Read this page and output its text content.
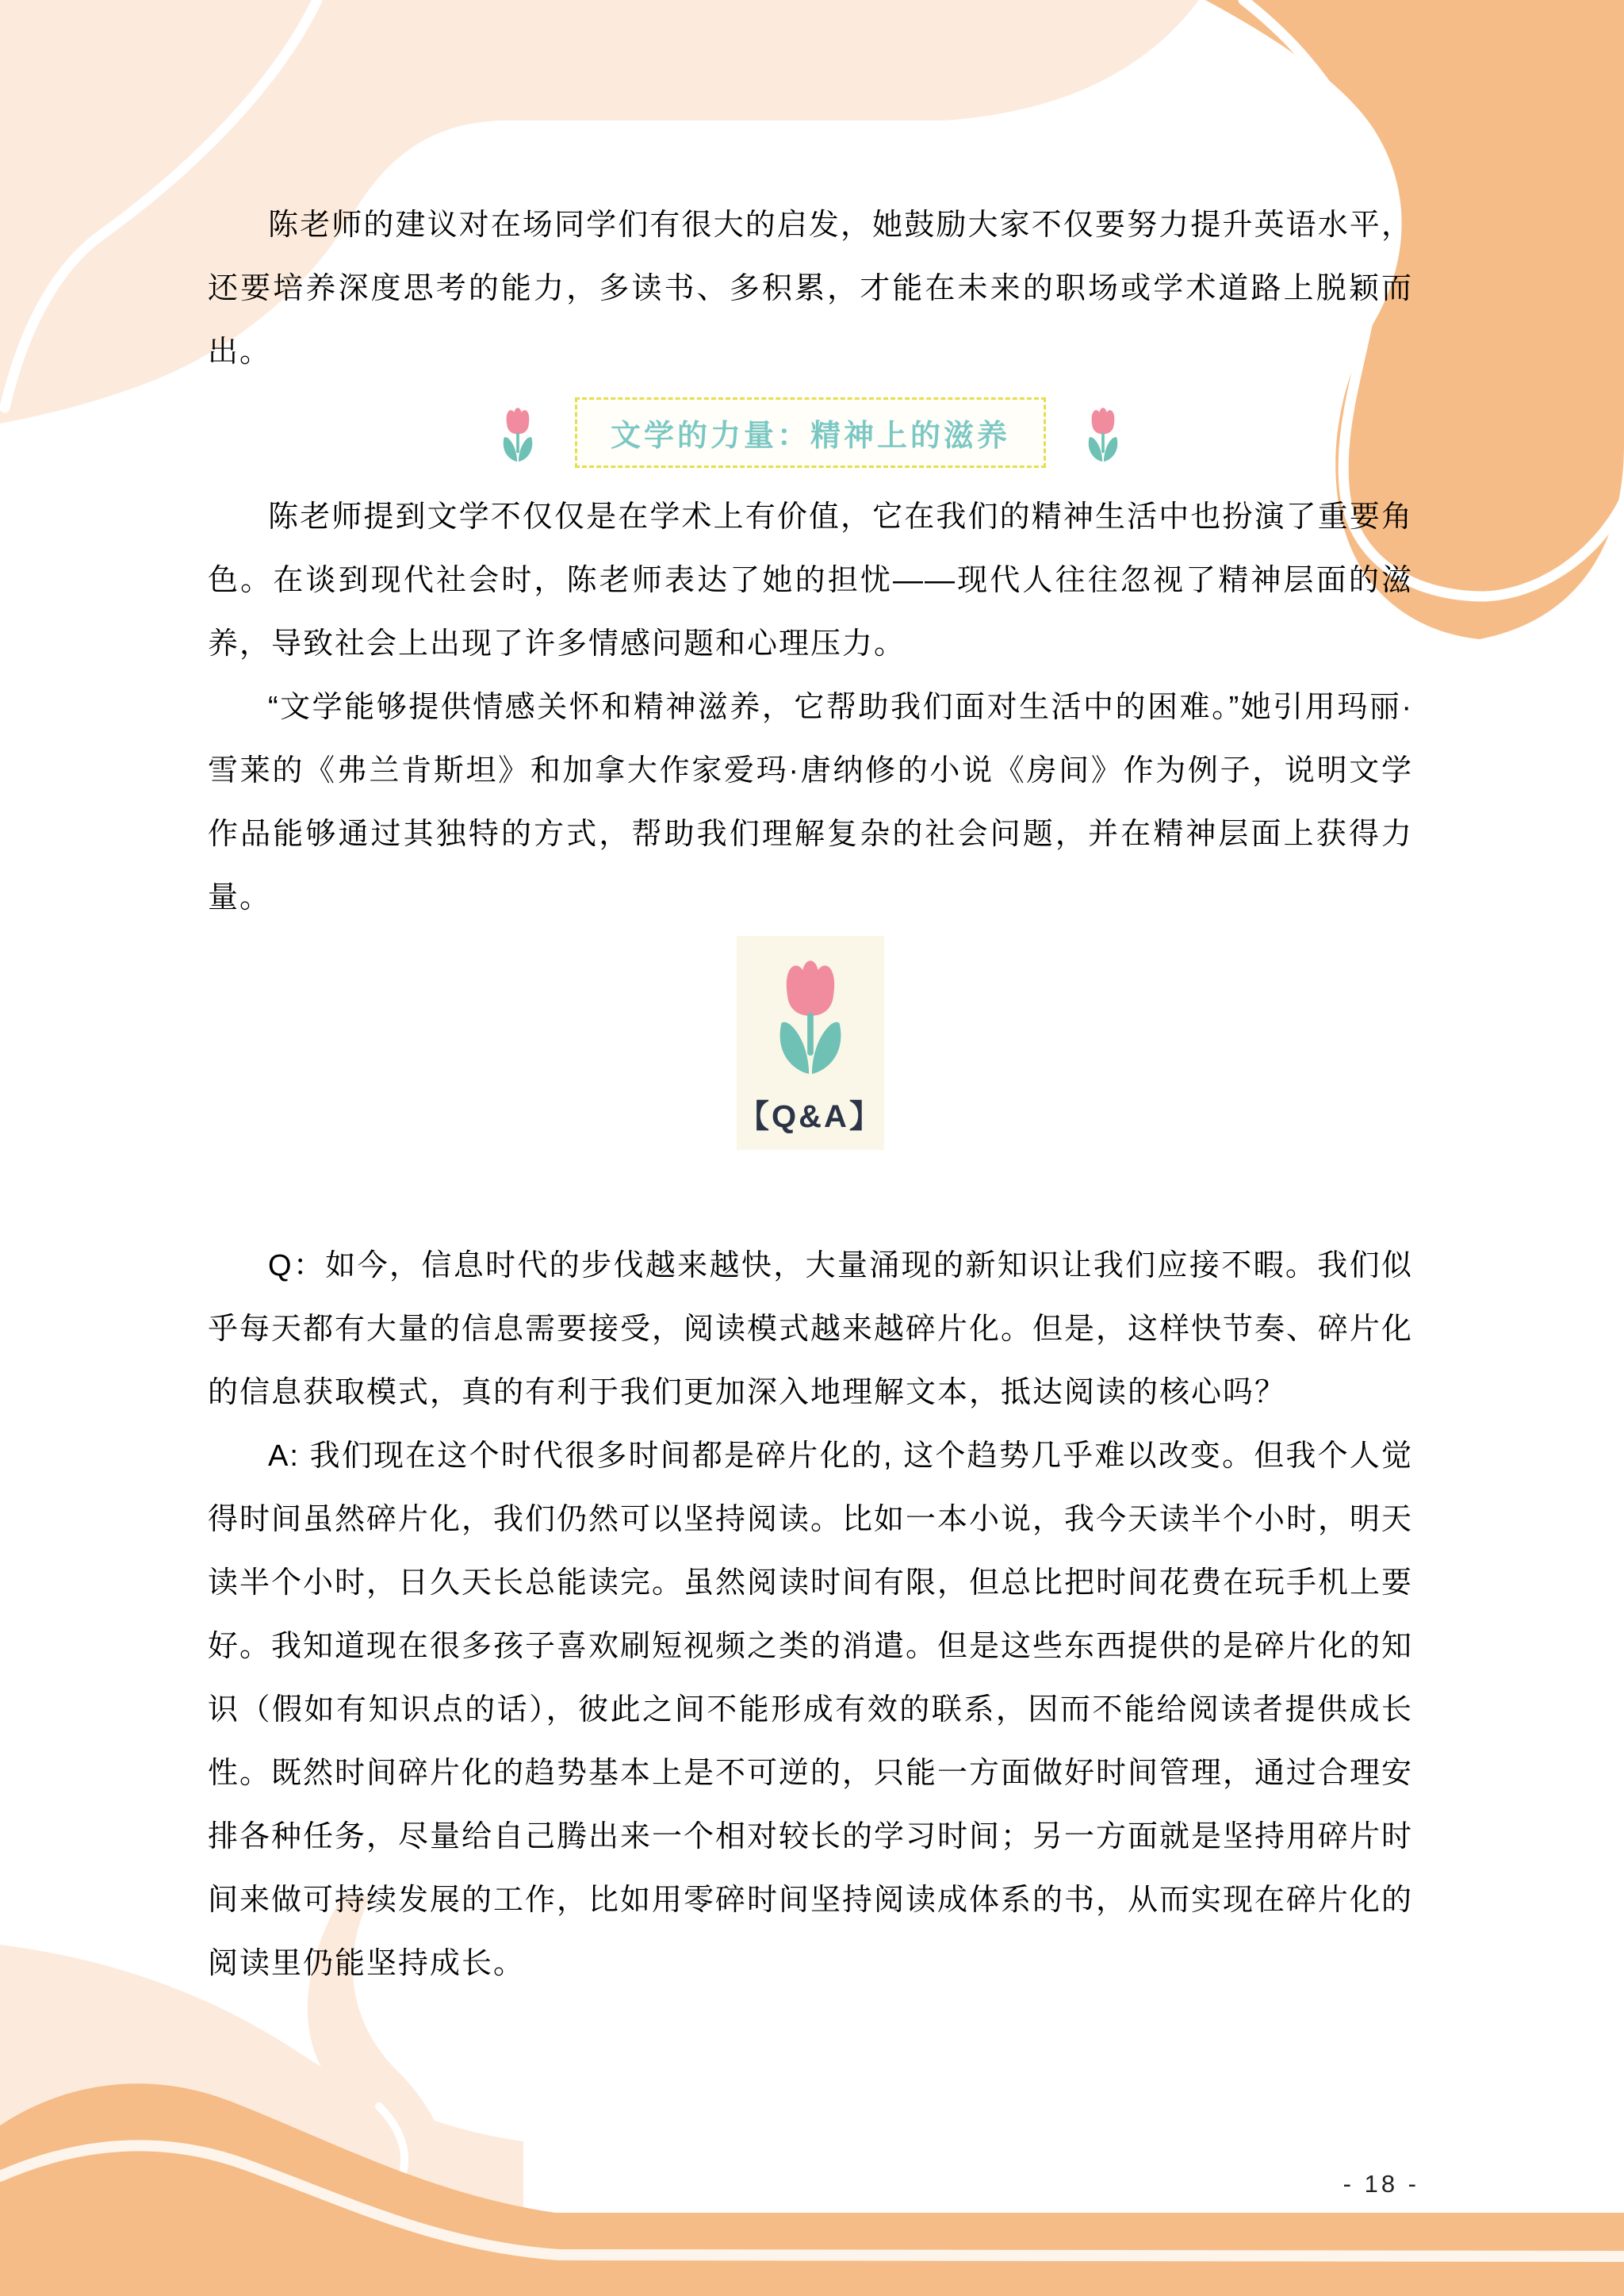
陈老师的建议对在场同学们有很大的启发，她鼓励大家不仅要努力提升英语水平，还要培养深度思考的能力，多读书、多积累，才能在未来的职场或学术道路上脱颖而出。

文学的力量：精神上的滋养

陈老师提到文学不仅仅是在学术上有价值，它在我们的精神生活中也扮演了重要角色。在谈到现代社会时，陈老师表达了她的担忧——现代人往往忽视了精神层面的滋养，导致社会上出现了许多情感问题和心理压力。

“文学能够提供情感关怀和精神滋养，它帮助我们面对生活中的困难。”她引用玛丽·雪莱的《弗兰肯斯坦》和加拿大作家爱玛·唐纳修的小说《房间》作为例子，说明文学作品能够通过其独特的方式，帮助我们理解复杂的社会问题，并在精神层面上获得力量。

【Q&A】

Q：如今，信息时代的步伐越来越快，大量涌现的新知识让我们应接不暇。我们似乎每天都有大量的信息需要接受，阅读模式越来越碎片化。但是，这样快节奏、碎片化的信息获取模式，真的有利于我们更加深入地理解文本，抵达阅读的核心吗？

A: 我们现在这个时代很多时间都是碎片化的, 这个趋势几乎难以改变。但我个人觉得时间虽然碎片化，我们仍然可以坚持阅读。比如一本小说，我今天读半个小时，明天读半个小时，日久天长总能读完。虽然阅读时间有限，但总比把时间花费在玩手机上要好。我知道现在很多孩子喜欢刷短视频之类的消遣。但是这些东西提供的是碎片化的知识（假如有知识点的话），彼此之间不能形成有效的联系，因而不能给阅读者提供成长性。既然时间碎片化的趋势基本上是不可逆的，只能一方面做好时间管理，通过合理安排各种任务，尽量给自己腾出来一个相对较长的学习时间；另一方面就是坚持用碎片时间来做可持续发展的工作，比如用零碎时间坚持阅读成体系的书，从而实现在碎片化的阅读里仍能坚持成长。

- 18 -
